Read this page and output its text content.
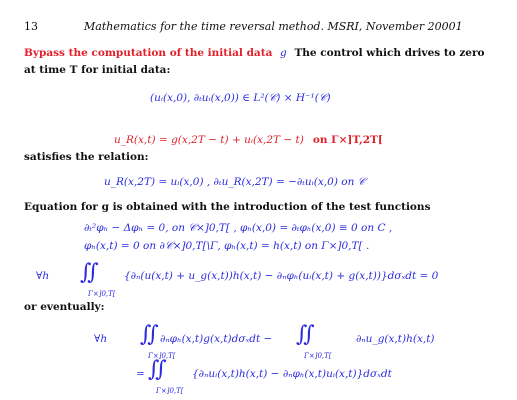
13	Mathematics for the time reversal method. MSRI, November 20001
Bypass the computation of the initial data g The control which drives to zero
at time T for initial data:
(uᵢ(x,0), ∂ₜuᵢ(x,0)) ∈ L²(𝒞) × H⁻¹(𝒞)
u_R(x,t) = g(x,2T − t) + uᵢ(x,2T − t) on Γ×]T,2T[
satisfies the relation:
u_R(x,2T) = uᵢ(x,0) , ∂ₜu_R(x,2T) = −∂ₜuᵢ(x,0) on 𝒞
Equation for g is obtained with the introduction of the test functions
∂ₜ²φₕ − Δφₕ = 0, on 𝒞×]0,T[ , φₕ(x,0) = ∂ₜφₕ(x,0) ≡ 0 on C ,
φₕ(x,t) = 0 on ∂𝒞×]0,T[\Γ, φₕ(x,t) = h(x,t) on Γ×]0,T[ .
∀h ∬
Γ×]0,T[
{∂ₙ(u(x,t) + u_g(x,t))h(x,t) − ∂ₙφₕ(uᵢ(x,t) + g(x,t))}dσₓdt = 0
or eventually:
∀h ∬
Γ×]0,T[
∂ₙφₕ(x,t)g(x,t)dσₓdt − ∬
Γ×]0,T[
∂ₙu_g(x,t)h(x,t)
= ∬
Γ×]0,T[
{∂ₙuᵢ(x,t)h(x,t) − ∂ₙφₕ(x,t)uᵢ(x,t)}dσₓdt
